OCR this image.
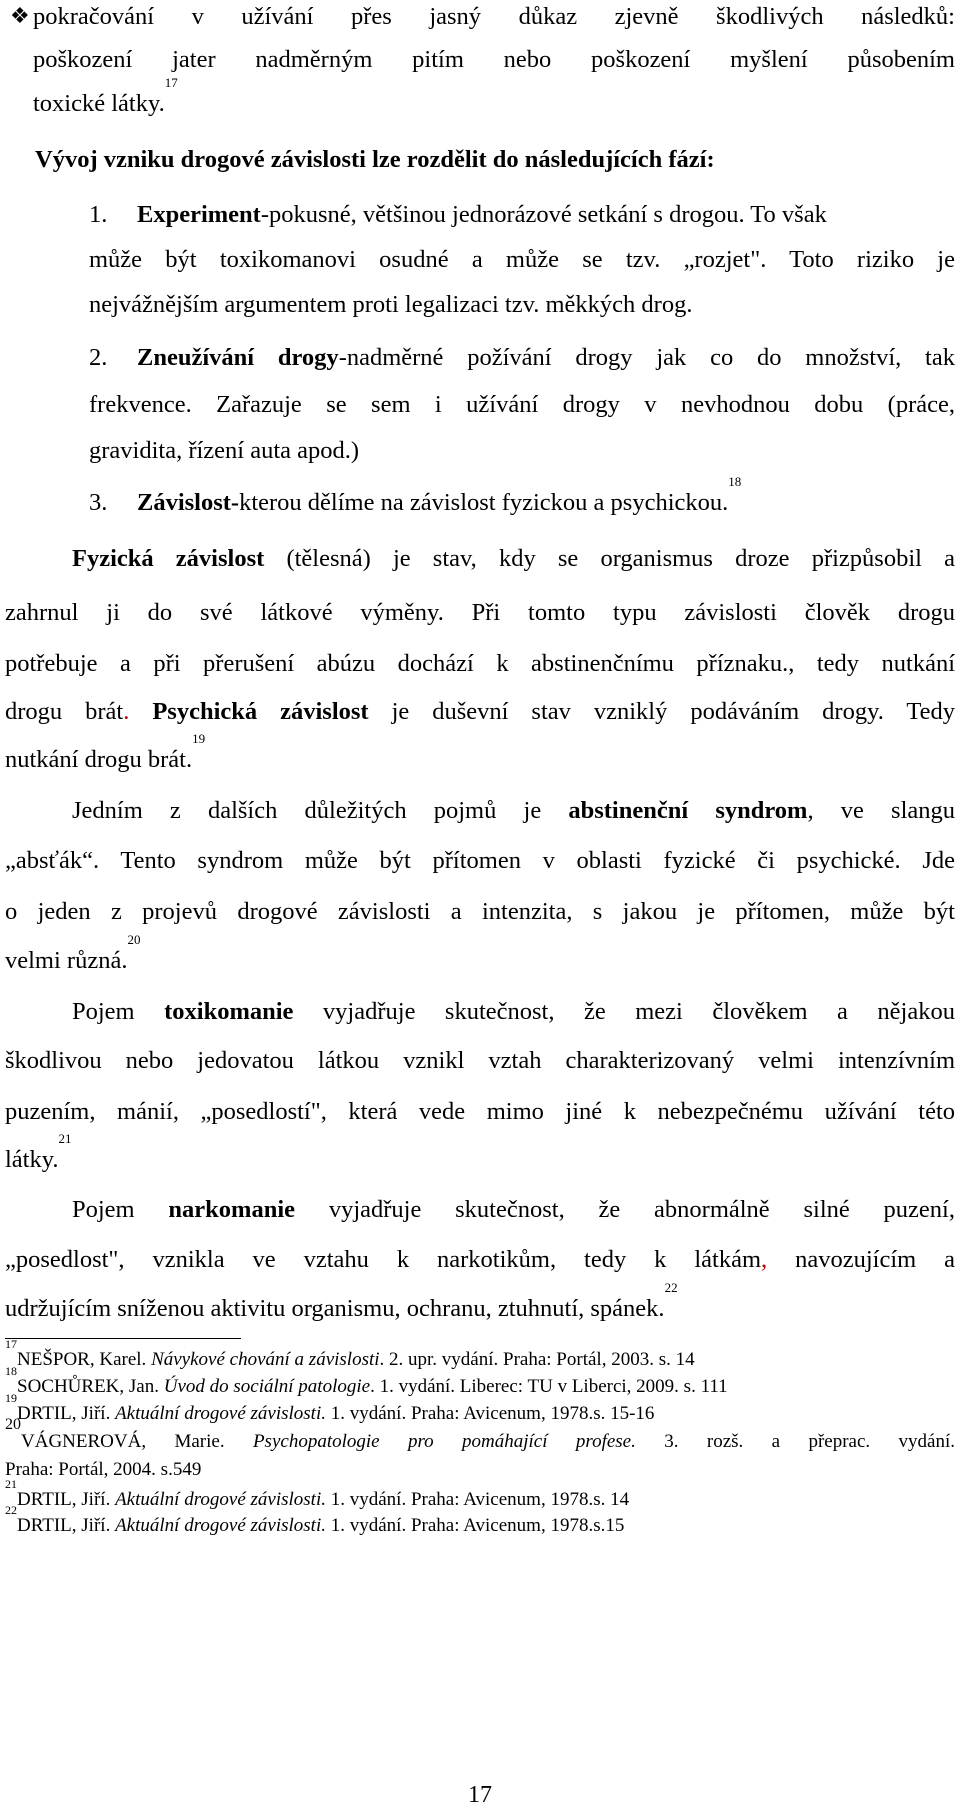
pokračování v užívání přes jasný důkaz zjevně škodlivých následků:
❖
poškození jater nadměrným pitím nebo poškození myšlení působením
toxické látky.$^{17}$
Vývoj vzniku drogové závislosti lze rozdělit do následujících fází:
1. Experiment-pokusné, většinou jednorázové setkání s drogou. To však
může být toxikomanovi osudné a může se tzv. „rozjet". Toto riziko je
nejvážnějším argumentem proti legalizaci tzv. měkkých drog.
2. Zneužívání drogy-nadměrné požívání drogy jak co do množství, tak
frekvence. Zařazuje se sem i užívání drogy v nevhodnou dobu (práce,
gravidita, řízení auta apod.)
3. Závislost-kterou dělíme na závislost fyzickou a psychickou.$^{18}$
Fyzická závislost (tělesná) je stav, kdy se organismus droze přizpůsobil a
zahrnul ji do své látkové výměny. Při tomto typu závislosti člověk drogu
potřebuje a při přerušení abúzu dochází k abstinenčnímu příznaku., tedy nutkání
drogu brát. Psychická závislost je duševní stav vzniklý podáváním drogy. Tedy
nutkání drogu brát.$^{19}$
Jedním z dalších důležitých pojmů je abstinenční syndrom, ve slangu
„absťák“. Tento syndrom může být přítomen v oblasti fyzické či psychické. Jde
o jeden z projevů drogové závislosti a intenzita, s jakou je přítomen, může být
velmi různá.$^{20}$
Pojem toxikomanie vyjadřuje skutečnost, že mezi člověkem a nějakou
škodlivou nebo jedovatou látkou vznikl vztah charakterizovaný velmi intenzívním
puzením, mánií, „posedlostí", která vede mimo jiné k nebezpečnému užívání této
látky.$^{21}$
Pojem narkomanie vyjadřuje skutečnost, že abnormálně silné puzení,
„posedlost", vznikla ve vztahu k narkotikům, tedy k látkám, navozujícím a
udržujícím sníženou aktivitu organismu, ochranu, ztuhnutí, spánek.$^{22}$
$^{17}$NEŠPOR, Karel. Návykové chování a závislosti. 2. upr. vydání. Praha: Portál, 2003. s. 14
$^{18}$SOCHŮREK, Jan. Úvod do sociální patologie. 1. vydání. Liberec: TU v Liberci, 2009. s. 111
$^{19}$DRTIL, Jiří. Aktuální drogové závislosti. 1. vydání. Praha: Avicenum, 1978.s. 15-16
$^{20}$VÁGNEROVÁ, Marie. Psychopatologie pro pomáhající profese. 3. rozš. a přeprac. vydání.
Praha: Portál, 2004. s.549
$^{21}$DRTIL, Jiří. Aktuální drogové závislosti. 1. vydání. Praha: Avicenum, 1978.s. 14
$^{22}$DRTIL, Jiří. Aktuální drogové závislosti. 1. vydání. Praha: Avicenum, 1978.s.15
17
